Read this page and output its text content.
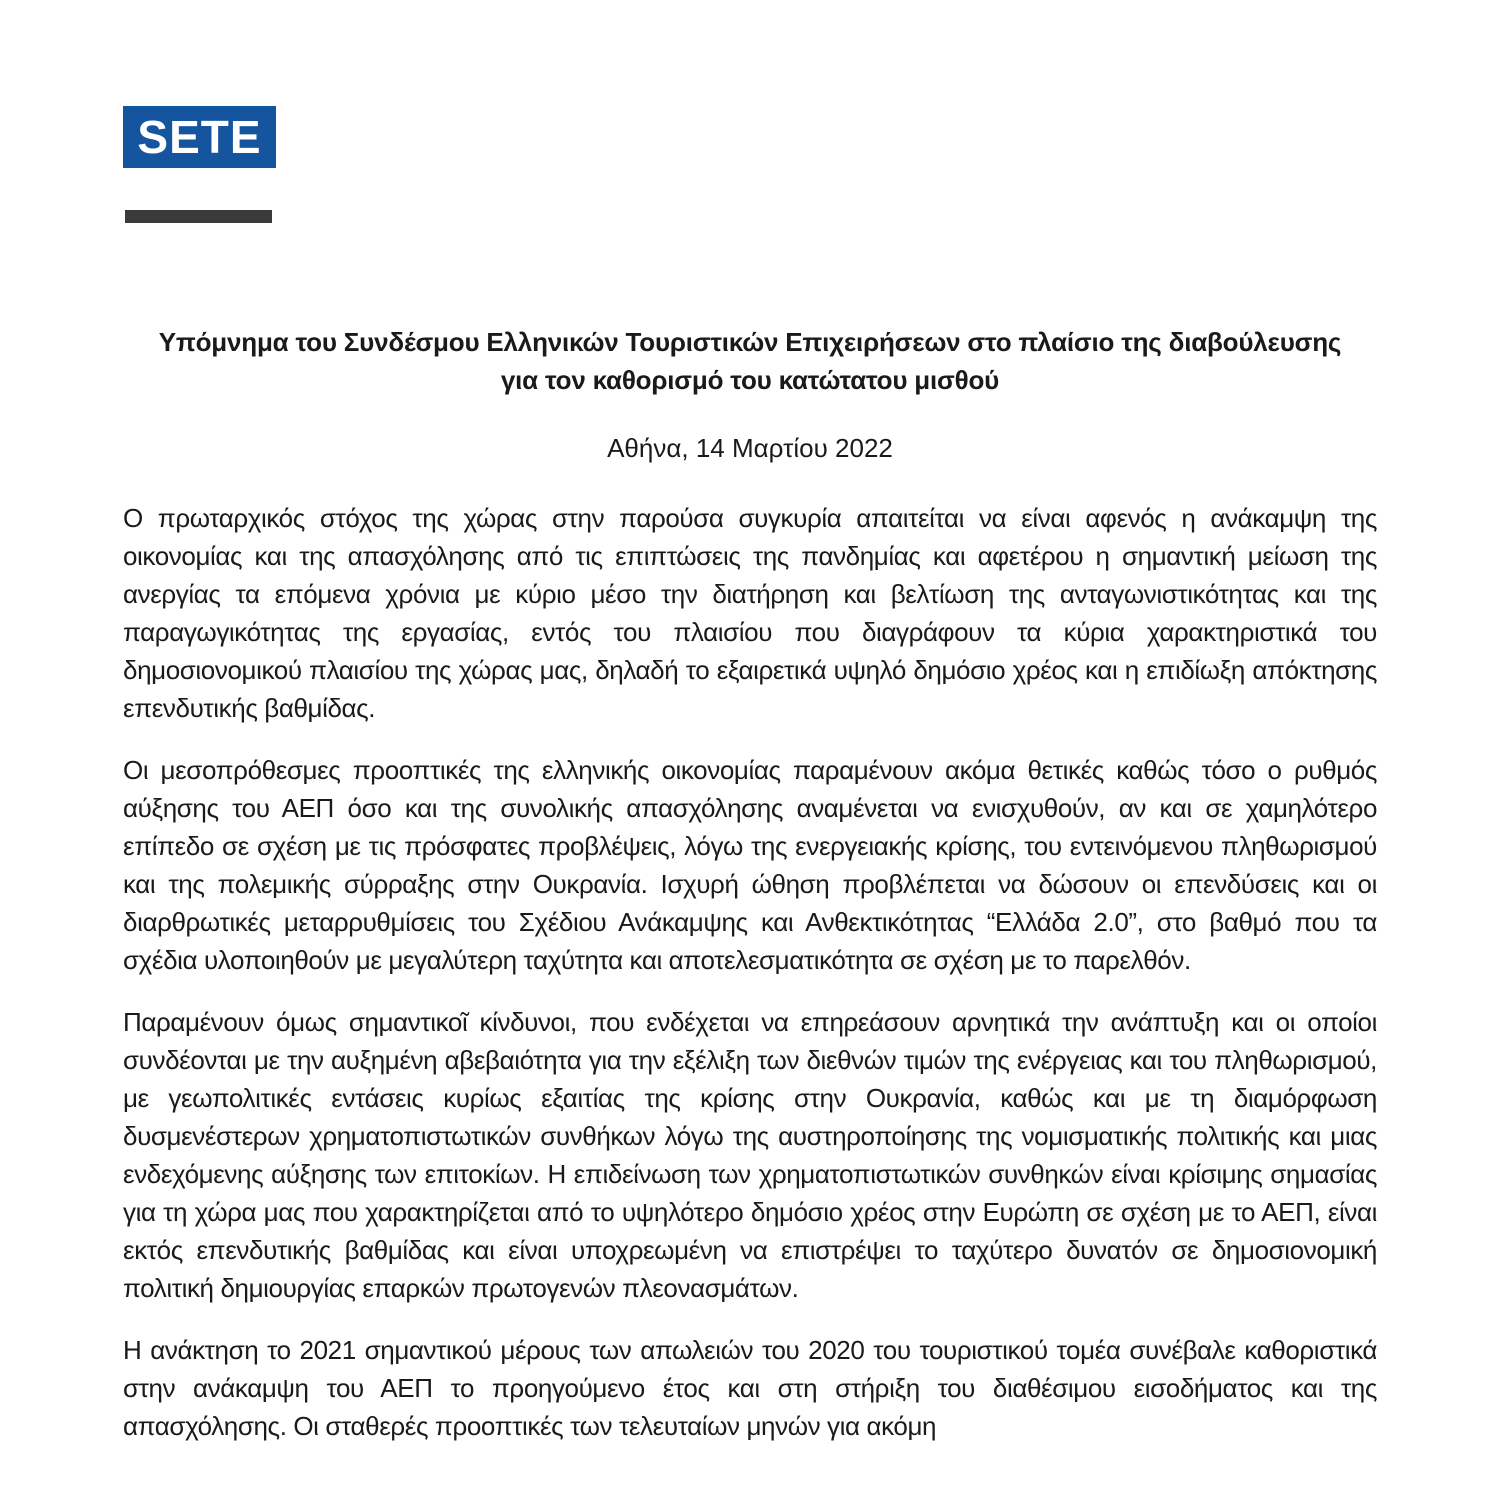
SETE
Υπόμνημα του Συνδέσμου Ελληνικών Τουριστικών Επιχειρήσεων στο πλαίσιο της διαβούλευσης
για τον καθορισμό του κατώτατου μισθού
Αθήνα, 14 Μαρτίου 2022

Ο πρωταρχικός στόχος της χώρας στην παρούσα συγκυρία απαιτείται να είναι αφενός η ανάκαμψη της οικονομίας και της απασχόλησης από τις επιπτώσεις της πανδημίας και αφετέρου η σημαντική μείωση της ανεργίας τα επόμενα χρόνια με κύριο μέσο την διατήρηση και βελτίωση της ανταγωνιστικότητας και της παραγωγικότητας της εργασίας, εντός του πλαισίου που διαγράφουν τα κύρια χαρακτηριστικά του δημοσιονομικού πλαισίου της χώρας μας, δηλαδή το εξαιρετικά υψηλό δημόσιο χρέος και η επιδίωξη απόκτησης επενδυτικής βαθμίδας.

Οι μεσοπρόθεσμες προοπτικές της ελληνικής οικονομίας παραμένουν ακόμα θετικές καθώς τόσο ο ρυθμός αύξησης του ΑΕΠ όσο και της συνολικής απασχόλησης αναμένεται να ενισχυθούν, αν και σε χαμηλότερο επίπεδο σε σχέση με τις πρόσφατες προβλέψεις, λόγω της ενεργειακής κρίσης, του εντεινόμενου πληθωρισμού και της πολεμικής σύρραξης στην Ουκρανία. Ισχυρή ώθηση προβλέπεται να δώσουν οι επενδύσεις και οι διαρθρωτικές μεταρρυθμίσεις του Σχέδιου Ανάκαμψης και Ανθεκτικότητας “Ελλάδα 2.0”, στο βαθμό που τα σχέδια υλοποιηθούν με μεγαλύτερη ταχύτητα και αποτελεσματικότητα σε σχέση με το παρελθόν.

Παραμένουν όμως σημαντικοῖ κίνδυνοι, που ενδέχεται να επηρεάσουν αρνητικά την ανάπτυξη και οι οποίοι συνδέονται με την αυξημένη αβεβαιότητα για την εξέλιξη των διεθνών τιμών της ενέργειας και του πληθωρισμού, με γεωπολιτικές εντάσεις κυρίως εξαιτίας της κρίσης στην Ουκρανία, καθώς και με τη διαμόρφωση δυσμενέστερων χρηματοπιστωτικών συνθήκων λόγω της αυστηροποίησης της νομισματικής πολιτικής και μιας ενδεχόμενης αύξησης των επιτοκίων. Η επιδείνωση των χρηματοπιστωτικών συνθηκών είναι κρίσιμης σημασίας για τη χώρα μας που χαρακτηρίζεται από το υψηλότερο δημόσιο χρέος στην Ευρώπη σε σχέση με το ΑΕΠ, είναι εκτός επενδυτικής βαθμίδας και είναι υποχρεωμένη να επιστρέψει το ταχύτερο δυνατόν σε δημοσιονομική πολιτική δημιουργίας επαρκών πρωτογενών πλεονασμάτων.

Η ανάκτηση το 2021 σημαντικού μέρους των απωλειών του 2020 του τουριστικού τομέα συνέβαλε καθοριστικά στην ανάκαμψη του ΑΕΠ το προηγούμενο έτος και στη στήριξη του διαθέσιμου εισοδήματος και της απασχόλησης. Οι σταθερές προοπτικές των τελευταίων μηνών για ακόμη
